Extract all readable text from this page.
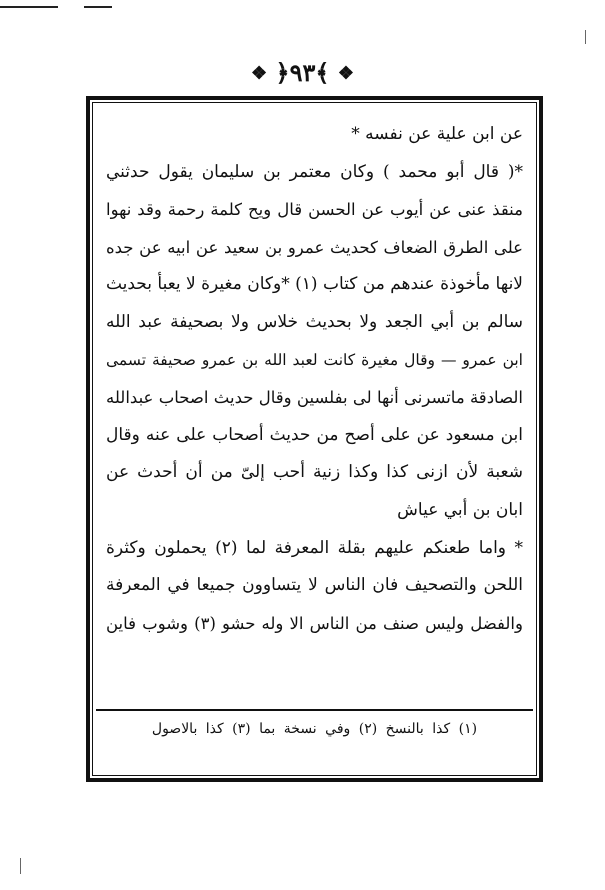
❖ ﴿٩٣﴾ ❖
عن ابن علية عن نفسه *
*( قال أبو محمد ) وكان معتمر بن سليمان يقول حدثني
منقذ عنى عن أيوب عن الحسن قال ويح كلمة رحمة وقد نهوا
على الطرق الضعاف كحديث عمرو بن سعيد عن ابيه عن جده
لانها مأخوذة عندهم من كتاب (١) *وكان مغيرة لا يعبأ بحديث
سالم بن أبي الجعد ولا بحديث خلاس ولا بصحيفة عبد الله
ابن عمرو — وقال مغيرة كانت لعبد الله بن عمرو صحيفة تسمى
الصادقة ماتسرنى أنها لى بفلسين وقال حديث اصحاب عبدالله
ابن مسعود عن على أصح من حديث أصحاب على عنه وقال
شعبة لأن ازنى كذا وكذا زنية أحب إلىّ من أن أحدث عن
ابان بن أبي عياش
* واما طعنكم عليهم بقلة المعرفة لما (٢) يحملون وكثرة
اللحن والتصحيف فان الناس لا يتساوون جميعا في المعرفة
والفضل وليس صنف من الناس الا وله حشو (٣) وشوب فاين
(١) كذا بالنسخ (٢) وفي نسخة بما (٣) كذا بالاصول
